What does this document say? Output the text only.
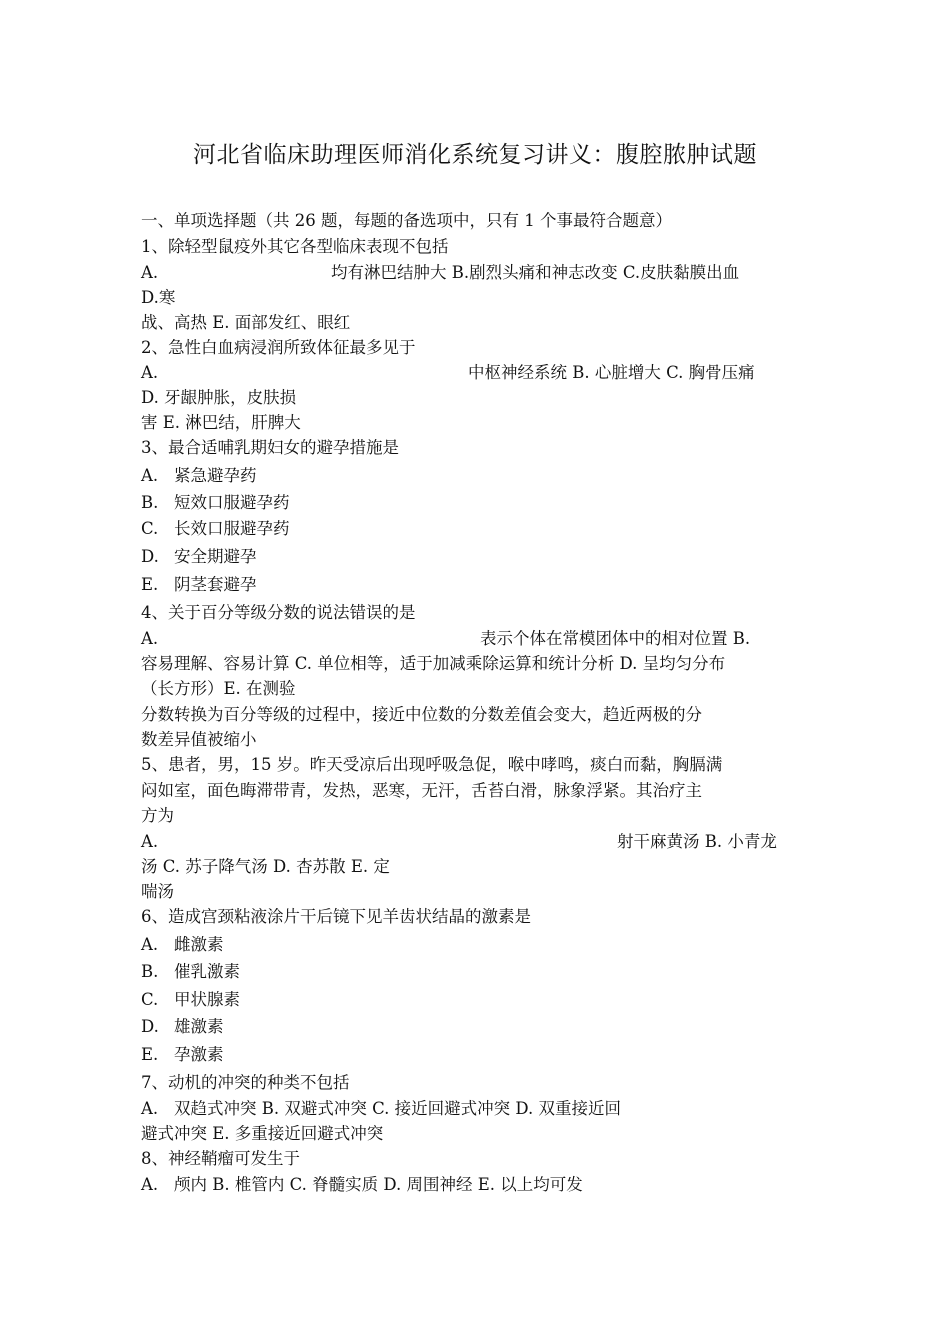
河北省临床助理医师消化系统复习讲义：腹腔脓肿试题
一、单项选择题（共 26 题，每题的备选项中，只有 1 个事最符合题意）
1、除轻型鼠疫外其它各型临床表现不包括
A.	均有淋巴结肿大 B.剧烈头痛和神志改变 C.皮肤黏膜出血
D.寒
战、高热 E. 面部发红、眼红
2、急性白血病浸润所致体征最多见于
A.	中枢神经系统 B. 心脏增大 C. 胸骨压痛
D. 牙龈肿胀，皮肤损
害 E. 淋巴结，肝脾大
3、最合适哺乳期妇女的避孕措施是
A. 紧急避孕药
B. 短效口服避孕药
C. 长效口服避孕药
D. 安全期避孕
E. 阴茎套避孕
4、关于百分等级分数的说法错误的是
A.	表示个体在常模团体中的相对位置 B.
容易理解、容易计算 C. 单位相等，适于加减乘除运算和统计分析 D. 呈均匀分布
（长方形）E. 在测验
分数转换为百分等级的过程中，接近中位数的分数差值会变大，趋近两极的分
数差异值被缩小
5、患者，男，15 岁。昨天受凉后出现呼吸急促，喉中哮鸣，痰白而黏，胸膈满
闷如室，面色晦滞带青，发热，恶寒，无汗，舌苔白滑，脉象浮紧。其治疗主
方为
A.	射干麻黄汤 B. 小青龙
汤 C. 苏子降气汤 D. 杏苏散 E. 定
喘汤
6、造成宫颈粘液涂片干后镜下见羊齿状结晶的激素是
A. 雌激素
B. 催乳激素
C. 甲状腺素
D. 雄激素
E. 孕激素
7、动机的冲突的种类不包括
A. 双趋式冲突 B. 双避式冲突 C. 接近回避式冲突 D. 双重接近回
避式冲突 E. 多重接近回避式冲突
8、神经鞘瘤可发生于
A. 颅内 B. 椎管内 C. 脊髓实质 D. 周围神经 E. 以上均可发
